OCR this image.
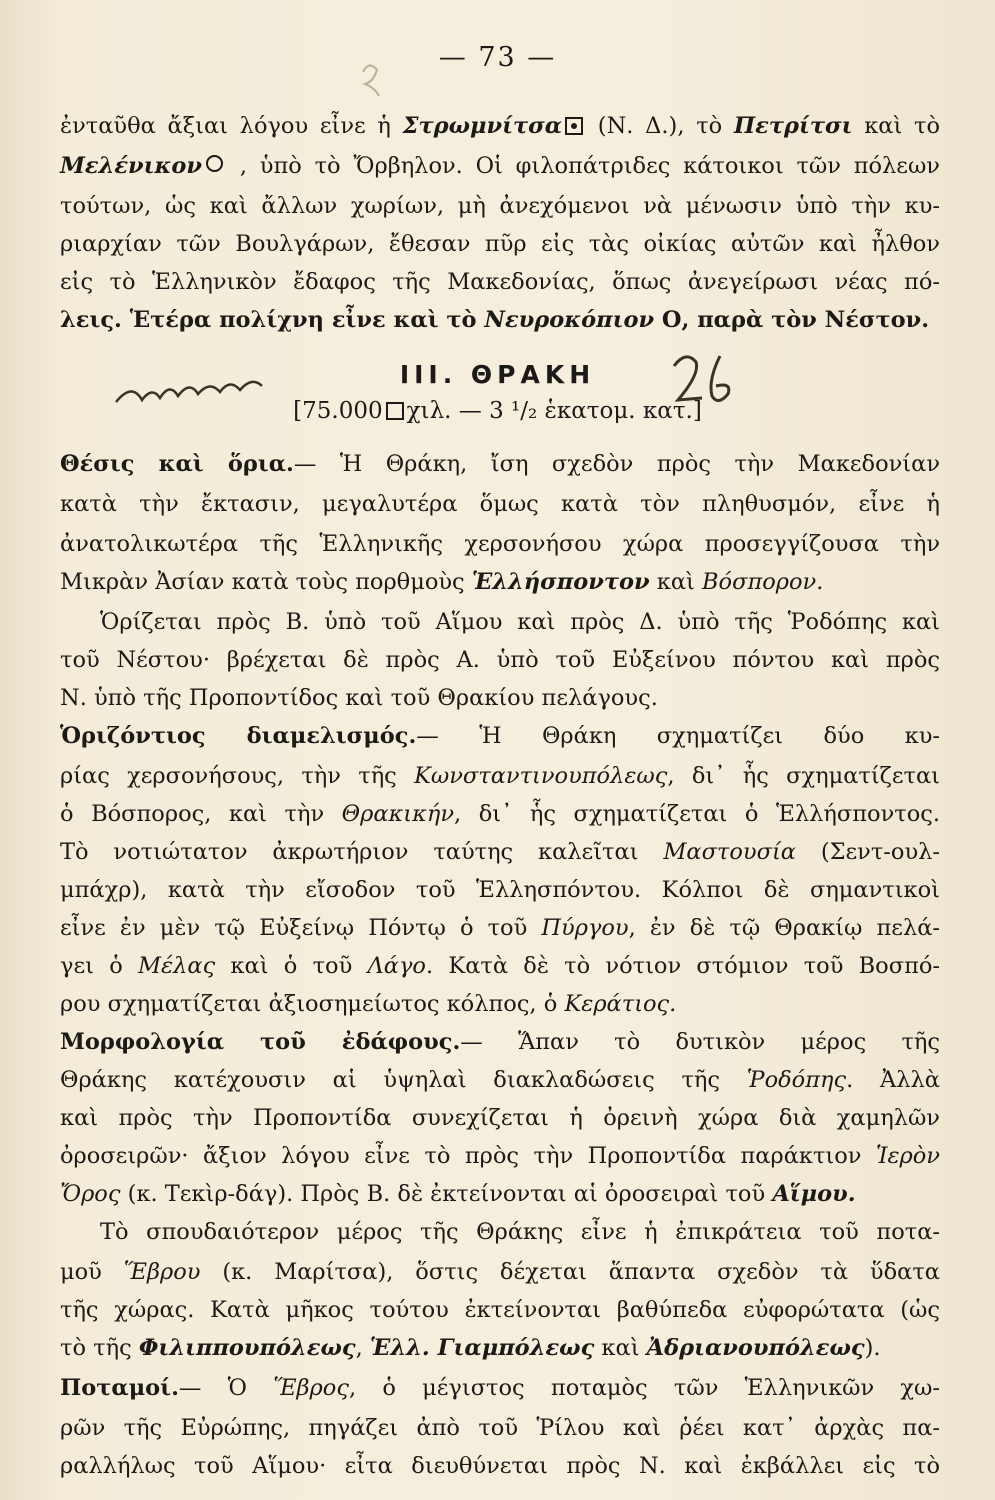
— 73 —
ἐνταῦθα ἄξιαι λόγου εἶνε ἡ Στρωμνίτσα (Ν. Δ.), τὸ Πετρίτσι καὶ τὸ
Μελένικον , ὑπὸ τὸ Ὄρβηλον. Οἱ φιλοπάτριδες κάτοικοι τῶν πόλεων
τούτων, ὡς καὶ ἄλλων χωρίων, μὴ ἀνεχόμενοι νὰ μένωσιν ὑπὸ τὴν κυ-
ριαρχίαν τῶν Βουλγάρων, ἔθεσαν πῦρ εἰς τὰς οἰκίας αὐτῶν καὶ ἦλθον
εἰς τὸ Ἑλληνικὸν ἔδαφος τῆς Μακεδονίας, ὅπως ἀνεγείρωσι νέας πό-
λεις. Ἑτέρα πολίχνη εἶνε καὶ τὸ Νευροκόπιον Ο, παρὰ τὸν Νέστον.
ΙΙΙ. ΘΡΑΚΗ
[75.000 χιλ. — 3 ¹/₂ ἑκατομ. κατ.]
Θέσις καὶ ὅρια.— Ἡ Θράκη, ἴση σχεδὸν πρὸς τὴν Μακεδονίαν
κατὰ τὴν ἔκτασιν, μεγαλυτέρα ὅμως κατὰ τὸν πληθυσμόν, εἶνε ἡ
ἀνατολικωτέρα τῆς Ἑλληνικῆς χερσονήσου χώρα προσεγγίζουσα τὴν
Μικρὰν Ἀσίαν κατὰ τοὺς πορθμοὺς Ἑλλήσποντον καὶ Βόσπορον.
Ὁρίζεται πρὸς Β. ὑπὸ τοῦ Αἵμου καὶ πρὸς Δ. ὑπὸ τῆς Ῥοδόπης καὶ
τοῦ Νέστου· βρέχεται δὲ πρὸς Α. ὑπὸ τοῦ Εὐξείνου πόντου καὶ πρὸς
Ν. ὑπὸ τῆς Προποντίδος καὶ τοῦ Θρακίου πελάγους.
Ὁριζόντιος διαμελισμός.— Ἡ Θράκη σχηματίζει δύο κυ-
ρίας χερσονήσους, τὴν τῆς Κωνσταντινουπόλεως, δι᾽ ἧς σχηματίζεται
ὁ Βόσπορος, καὶ τὴν Θρακικήν, δι᾽ ἧς σχηματίζεται ὁ Ἑλλήσποντος.
Τὸ νοτιώτατον ἀκρωτήριον ταύτης καλεῖται Μαστουσία (Σεντ-ουλ-
μπάχρ), κατὰ τὴν εἴσοδον τοῦ Ἑλλησπόντου. Κόλποι δὲ σημαντικοὶ
εἶνε ἐν μὲν τῷ Εὐξείνῳ Πόντῳ ὁ τοῦ Πύργου, ἐν δὲ τῷ Θρακίῳ πελά-
γει ὁ Μέλας καὶ ὁ τοῦ Λάγο. Κατὰ δὲ τὸ νότιον στόμιον τοῦ Βοσπό-
ρου σχηματίζεται ἀξιοσημείωτος κόλπος, ὁ Κεράτιος.
Μορφολογία τοῦ ἐδάφους.— Ἅπαν τὸ δυτικὸν μέρος τῆς
Θράκης κατέχουσιν αἱ ὑψηλαὶ διακλαδώσεις τῆς Ῥοδόπης. Ἀλλὰ
καὶ πρὸς τὴν Προποντίδα συνεχίζεται ἡ ὀρεινὴ χώρα διὰ χαμηλῶν
ὀροσειρῶν· ἄξιον λόγου εἶνε τὸ πρὸς τὴν Προποντίδα παράκτιον Ἱερὸν
Ὄρος (κ. Τεκὶρ-δάγ). Πρὸς Β. δὲ ἐκτείνονται αἱ ὀροσειραὶ τοῦ Αἵμου.
Τὸ σπουδαιότερον μέρος τῆς Θράκης εἶνε ἡ ἐπικράτεια τοῦ ποτα-
μοῦ Ἕβρου (κ. Μαρίτσα), ὅστις δέχεται ἅπαντα σχεδὸν τὰ ὕδατα
τῆς χώρας. Κατὰ μῆκος τούτου ἐκτείνονται βαθύπεδα εὐφορώτατα (ὡς
τὸ τῆς Φιλιππουπόλεως, Ἑλλ. Γιαμπόλεως καὶ Ἀδριανουπόλεως).
Ποταμοί.— Ὁ Ἕβρος, ὁ μέγιστος ποταμὸς τῶν Ἑλληνικῶν χω-
ρῶν τῆς Εὐρώπης, πηγάζει ἀπὸ τοῦ Ῥίλου καὶ ῥέει κατ᾽ ἀρχὰς πα-
ραλλήλως τοῦ Αἵμου· εἶτα διευθύνεται πρὸς Ν. καὶ ἐκβάλλει εἰς τὸ
